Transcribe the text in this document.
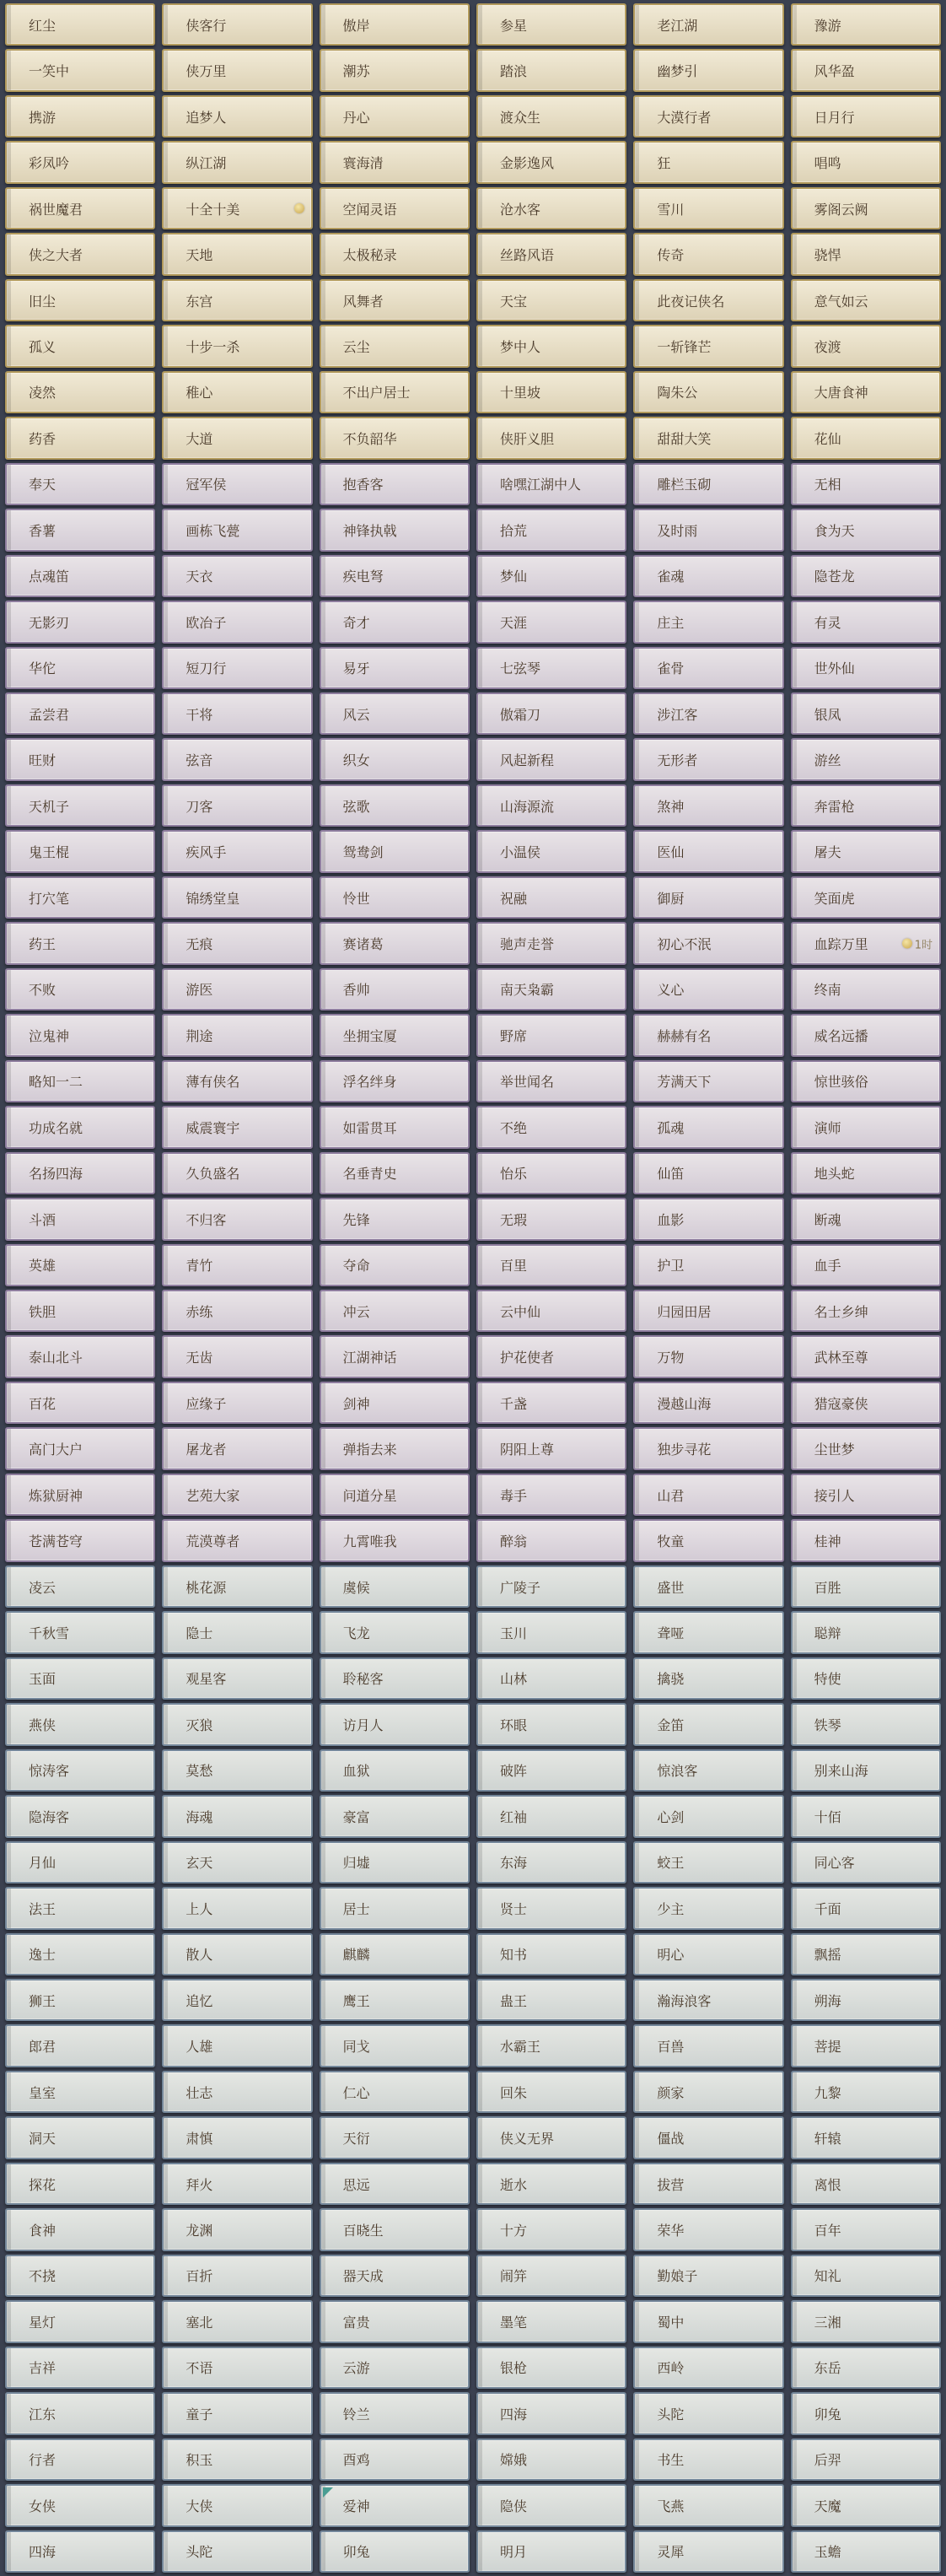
红尘	侠客行	傲岸	参星	老江湖	豫游
一笑中	侠万里	潮苏	踏浪	幽梦引	风华盈
携游	追梦人	丹心	渡众生	大漠行者	日月行
彩凤吟	纵江湖	寰海清	金影逸风	狂	唱鸣
祸世魔君	十全十美	空闻灵语	沧水客	雪川	雾阁云阙
侠之大者	天地	太极秘录	丝路风语	传奇	骁悍
旧尘	东宫	风舞者	天宝	此夜记侠名	意气如云
孤义	十步一杀	云尘	梦中人	一斩锋芒	夜渡
凌然	稚心	不出户居士	十里坡	陶朱公	大唐食神
药香	大道	不负韶华	侠肝义胆	甜甜大笑	花仙
奉天	冠军侯	抱香客	啥嘿江湖中人	雕栏玉砌	无相
香薯	画栋飞甍	神锋执戟	拾荒	及时雨	食为天
点魂笛	天衣	疾电弩	梦仙	雀魂	隐苍龙
无影刃	欧冶子	奇才	天涯	庄主	有灵
华佗	短刀行	易牙	七弦琴	雀骨	世外仙
孟尝君	干将	风云	傲霜刀	涉江客	银凤
旺财	弦音	织女	风起新程	无形者	游丝
天机子	刀客	弦歌	山海源流	煞神	奔雷枪
鬼王棍	疾风手	鸳鸯剑	小温侯	医仙	屠夫
打穴笔	锦绣堂皇	怜世	祝融	御厨	笑面虎
药王	无痕	赛诸葛	驰声走誉	初心不泯	血踪万里	1时
不败	游医	香帅	南天枭霸	义心	终南
泣鬼神	荆途	坐拥宝厦	野席	赫赫有名	威名远播
略知一二	薄有侠名	浮名绊身	举世闻名	芳满天下	惊世骇俗
功成名就	威震寰宇	如雷贯耳	不绝	孤魂	演师
名扬四海	久负盛名	名垂青史	怡乐	仙笛	地头蛇
斗酒	不归客	先锋	无瑕	血影	断魂
英雄	青竹	夺命	百里	护卫	血手
铁胆	赤练	冲云	云中仙	归园田居	名士乡绅
泰山北斗	无齿	江湖神话	护花使者	万物	武林至尊
百花	应缘子	剑神	千盏	漫越山海	猎寇豪侠
高门大户	屠龙者	弹指去来	阴阳上尊	独步寻花	尘世梦
炼狱厨神	艺苑大家	问道分星	毒手	山君	接引人
苍满苍穹	荒漠尊者	九霄唯我	醉翁	牧童	桂神
凌云	桃花源	虞候	广陵子	盛世	百胜
千秋雪	隐士	飞龙	玉川	聋哑	聪辩
玉面	观星客	聆秘客	山林	擒骁	特使
燕侠	灭狼	访月人	环眼	金笛	铁琴
惊涛客	莫愁	血狱	破阵	惊浪客	别来山海
隐海客	海魂	豪富	红袖	心剑	十佰
月仙	玄天	归墟	东海	蛟王	同心客
法王	上人	居士	贤士	少主	千面
逸士	散人	麒麟	知书	明心	飘摇
狮王	追忆	鹰王	蛊王	瀚海浪客	朔海
郎君	人雄	同戈	水霸王	百兽	菩提
皇室	壮志	仁心	回朱	颜家	九黎
洞天	肃慎	天衍	侠义无界	僵战	轩辕
探花	拜火	思远	逝水	拔营	离恨
食神	龙渊	百晓生	十方	荣华	百年
不挠	百折	器天成	闹笄	勤娘子	知礼
星灯	塞北	富贵	墨笔	蜀中	三湘
吉祥	不语	云游	银枪	西岭	东岳
江东	童子	铃兰	四海	头陀	卯兔
行者	积玉	酉鸡	嫦娥	书生	后羿
女侠	大侠	爱神	隐侠	飞燕	天魔
四海	头陀	卯兔	明月	灵犀	玉蟾
